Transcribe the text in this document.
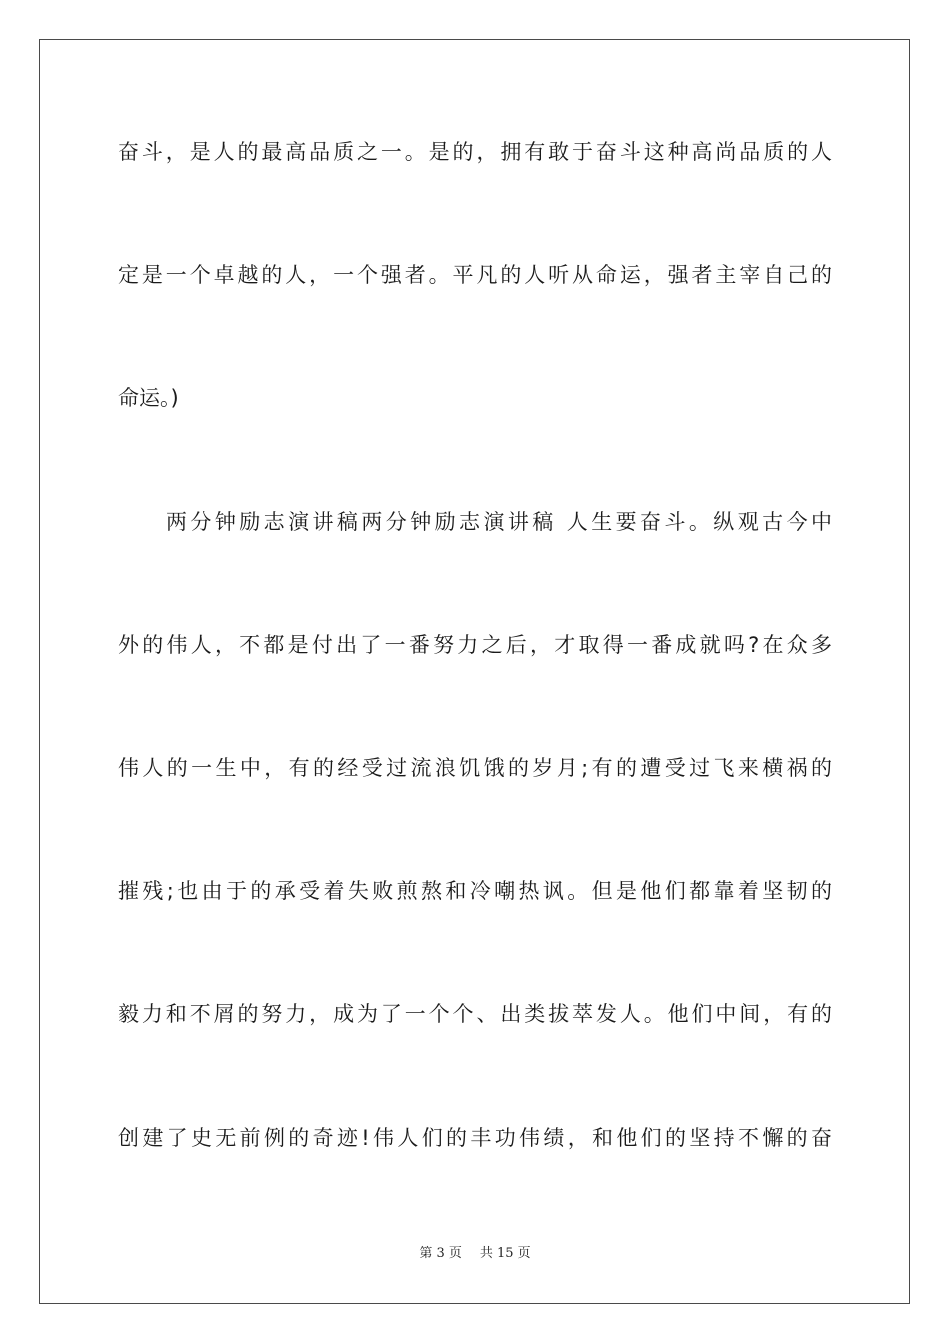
奋斗，是人的最高品质之一。是的，拥有敢于奋斗这种高尚品质的人
定是一个卓越的人，一个强者。平凡的人听从命运，强者主宰自己的
命运。)
两分钟励志演讲稿两分钟励志演讲稿 人生要奋斗。纵观古今中
外的伟人，不都是付出了一番努力之后，才取得一番成就吗?在众多
伟人的一生中，有的经受过流浪饥饿的岁月;有的遭受过飞来横祸的
摧残;也由于的承受着失败煎熬和冷嘲热讽。但是他们都靠着坚韧的
毅力和不屑的努力，成为了一个个、出类拔萃发人。他们中间，有的
创建了史无前例的奇迹!伟人们的丰功伟绩，和他们的坚持不懈的奋
第 3 页 共 15 页
